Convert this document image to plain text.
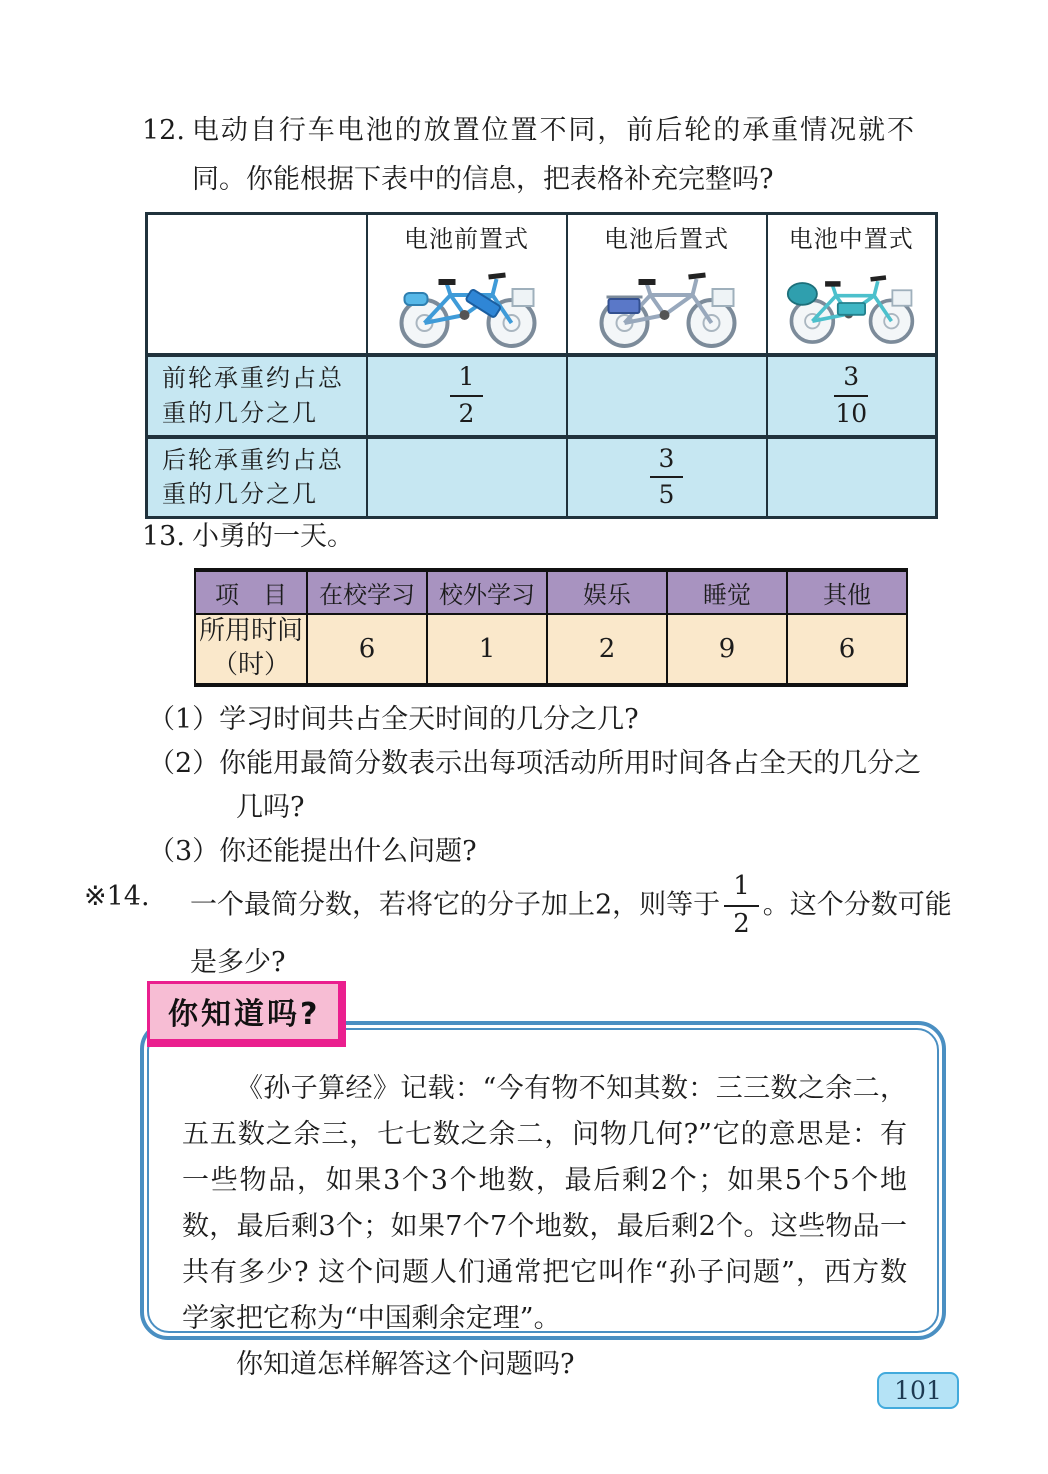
12. 电动自行车电池的放置位置不同，前后轮的承重情况就不同。你能根据下表中的信息，把表格补充完整吗?

	电池前置式	电池后置式	电池中置式

前轮承重约占总重的几分之几	$\frac{1}{2}$		$\frac{3}{10}$

后轮承重约占总重的几分之几		$\frac{3}{5}$

13. 小勇的一天。
项　目	在校学习	校外学习	娱乐	睡觉	其他
所用时间
（时）	6	1	2	9	6

（1）学习时间共占全天时间的几分之几?

（2）你能用最简分数表示出每项活动所用时间各占全天的几分之几吗?

（3）你还能提出什么问题?

※14.	一个最简分数，若将它的分子加上2，则等于 $\frac{1}{2}$ 。这个分数可能是多少?
你知道吗?

《孙子算经》记载：“今有物不知其数：三三数之余二，五五数之余三，七七数之余二，问物几何?”它的意思是：有一些物品，如果3个3个地数，最后剩2个；如果5个5个地数，最后剩3个；如果7个7个地数，最后剩2个。这些物品一共有多少? 这个问题人们通常把它叫作“孙子问题”，西方数学家把它称为“中国剩余定理”。

你知道怎样解答这个问题吗?

101
